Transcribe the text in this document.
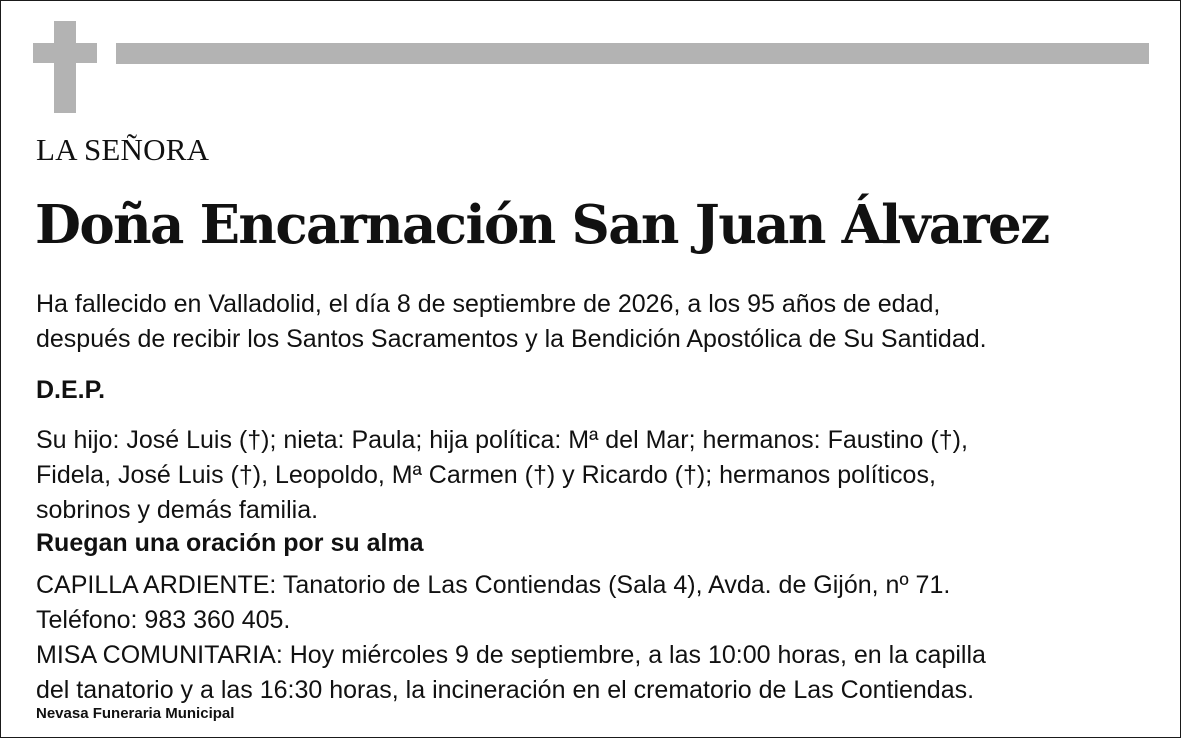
LA SEÑORA
Doña Encarnación San Juan Álvarez
Ha fallecido en Valladolid, el día 8 de septiembre de 2026, a los 95 años de edad,
después de recibir los Santos Sacramentos y la Bendición Apostólica de Su Santidad.
D.E.P.
Su hijo: José Luis (†); nieta: Paula; hija política: Mª del Mar; hermanos: Faustino (†),
Fidela, José Luis (†), Leopoldo, Mª Carmen (†) y Ricardo (†); hermanos políticos,
sobrinos y demás familia.
Ruegan una oración por su alma
CAPILLA ARDIENTE: Tanatorio de Las Contiendas (Sala 4), Avda. de Gijón, nº 71.
Teléfono: 983 360 405.
MISA COMUNITARIA: Hoy miércoles 9 de septiembre, a las 10:00 horas, en la capilla
del tanatorio y a las 16:30 horas, la incineración en el crematorio de Las Contiendas.
Nevasa Funeraria Municipal
